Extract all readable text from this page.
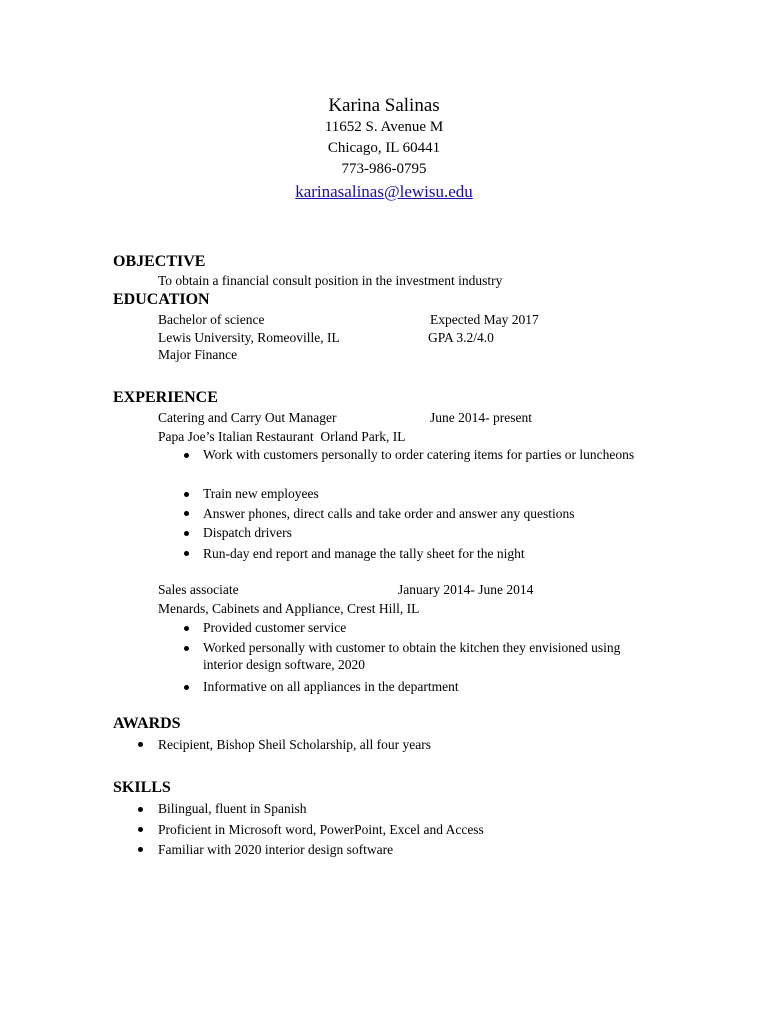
Karina Salinas
11652 S. Avenue M
Chicago, IL 60441
773-986-0795
karinasalinas@lewisu.edu
OBJECTIVE
To obtain a financial consult position in the investment industry
EDUCATION
Bachelor of science	Expected May 2017
Lewis University, Romeoville, IL	GPA 3.2/4.0
Major Finance
EXPERIENCE
Catering and Carry Out Manager	June 2014- present
Papa Joe’s Italian Restaurant  Orland Park, IL
Work with customers personally to order catering items for parties or luncheons
Train new employees
Answer phones, direct calls and take order and answer any questions
Dispatch drivers
Run-day end report and manage the tally sheet for the night
Sales associate	January 2014- June 2014
Menards, Cabinets and Appliance, Crest Hill, IL
Provided customer service
Worked personally with customer to obtain the kitchen they envisioned using interior design software, 2020
Informative on all appliances in the department
AWARDS
Recipient, Bishop Sheil Scholarship, all four years
SKILLS
Bilingual, fluent in Spanish
Proficient in Microsoft word, PowerPoint, Excel and Access
Familiar with 2020 interior design software
